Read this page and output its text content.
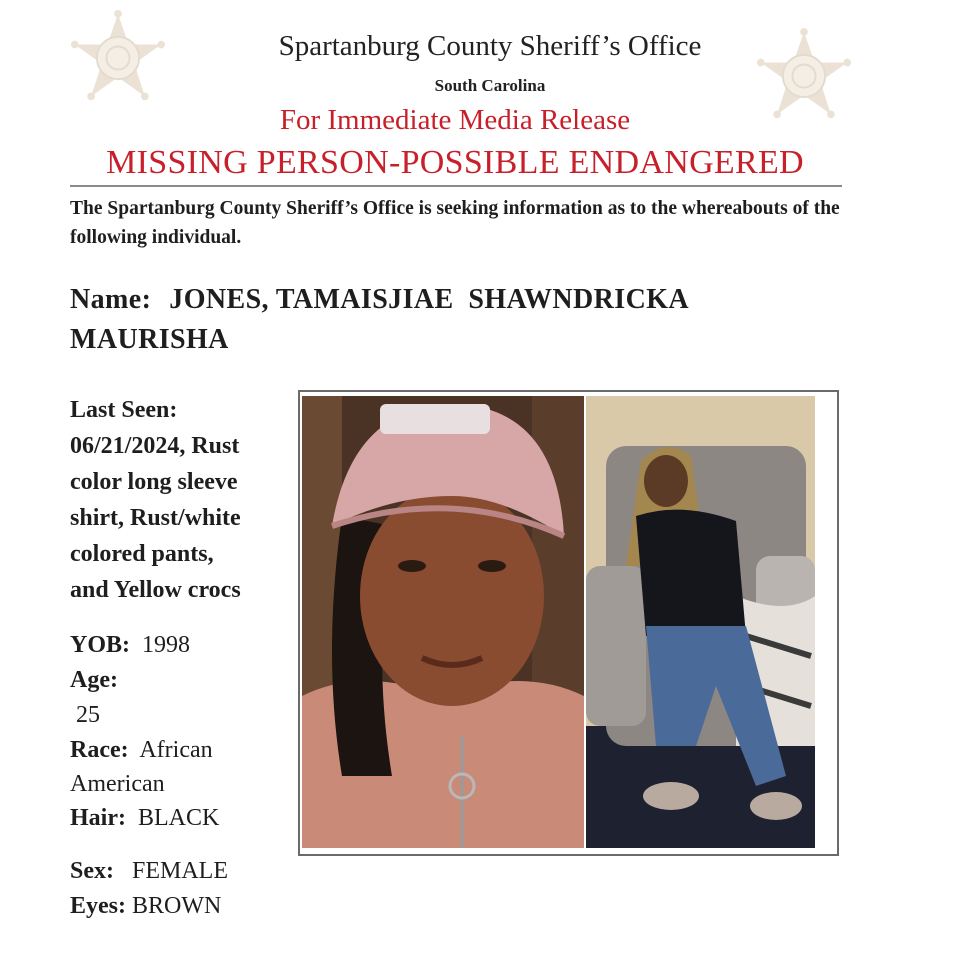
Spartanburg County Sheriff’s Office
South Carolina
For Immediate Media Release
MISSING PERSON-POSSIBLE ENDANGERED
The Spartanburg County Sheriff’s Office is seeking information as to the whereabouts of the following individual.
Name: JONES, TAMAISJIAE  SHAWNDRICKA
MAURISHA
Last Seen:
06/21/2024, Rust
color long sleeve
shirt, Rust/white
colored pants,
and Yellow crocs
YOB: 1998
Age:
25
Race: African American
Hair: BLACK
Sex: FEMALE
Eyes: BROWN
